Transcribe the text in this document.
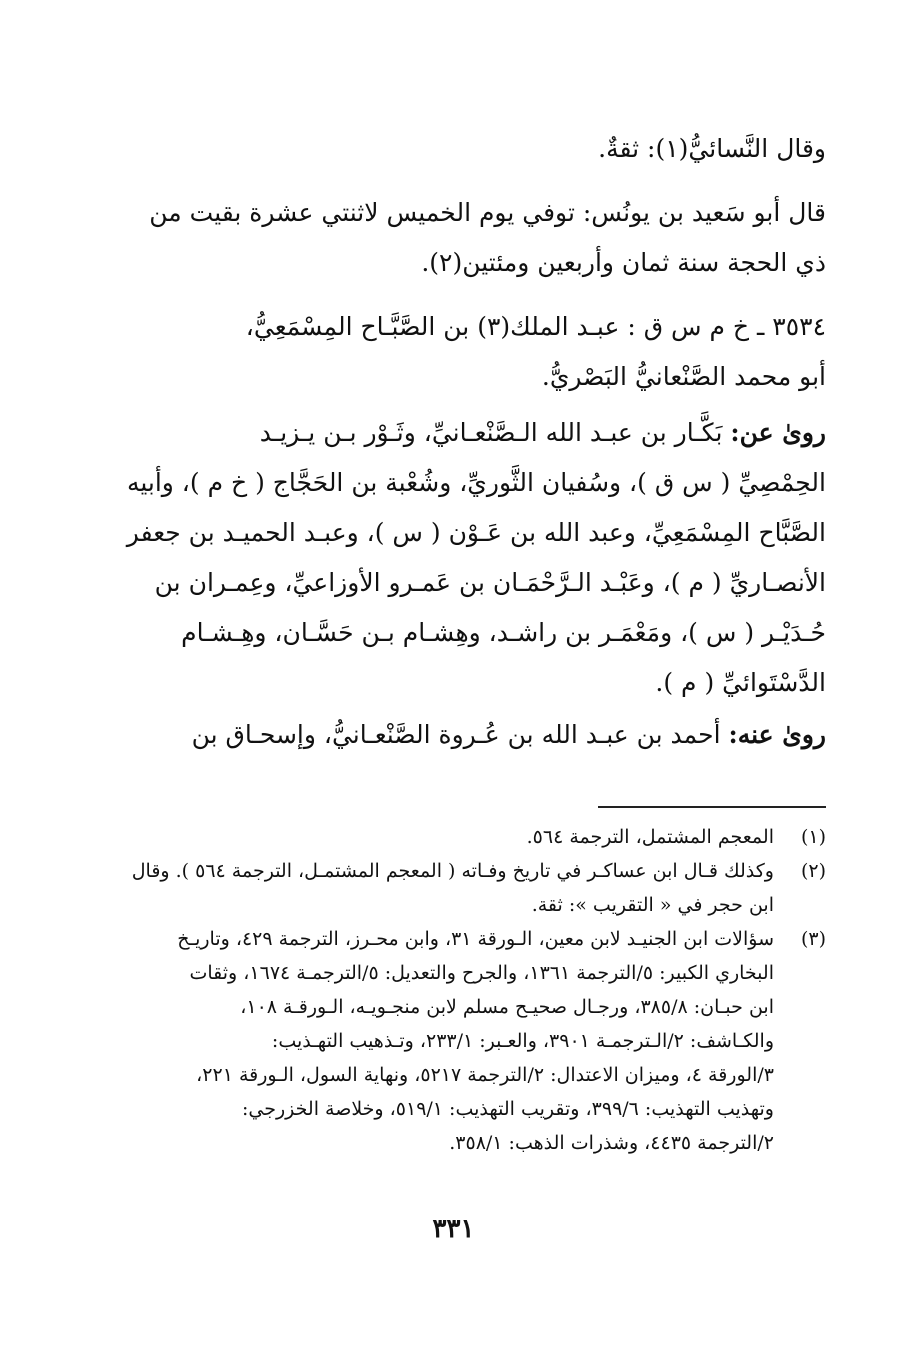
وقال النَّسائيُّ(١): ثقةٌ.
قال أبو سَعيد بن يونُس: توفي يوم الخميس لاثنتي عشرة بقيت من
ذي الحجة سنة ثمان وأربعين ومئتين(٢).
٣٥٣٤ ـ خ م س ق : عبـد الملك(٣) بن الصَّبَّـاح المِسْمَعِيُّ،
أبو محمد الصَّنْعانيُّ البَصْريُّ.
روىٰ عن: بَكَّـار بن عبـد الله الـصَّنْعـانيِّ، وثَـوْر بـن يـزيـد
الحِمْصِيِّ ( س ق )، وسُفيان الثَّوريِّ، وشُعْبة بن الحَجَّاج ( خ م )، وأبيه
الصَّبَّاح المِسْمَعِيِّ، وعبد الله بن عَـوْن ( س )، وعبـد الحميـد بن جعفر
الأنصـاريِّ ( م )، وعَبْـد الـرَّحْمَـان بن عَمـرو الأوزاعيِّ، وعِمـران بن
حُـدَيْـر ( س )، ومَعْمَـر بن راشـد، وهِشـام بـن حَسَّـان، وهِـشـام
الدَّسْتَوائيِّ ( م ).
روىٰ عنه: أحمد بن عبـد الله بن عُـروة الصَّنْعـانيُّ، وإسحـاق بن
(١)
المعجم المشتمل، الترجمة ٥٦٤.
(٢)
وكذلك قـال ابن عساكـر في تاريخ وفـاته ( المعجم المشتمـل، الترجمة ٥٦٤ ). وقال
ابن حجر في « التقريب »: ثقة.
(٣)
سؤالات ابن الجنيـد لابن معين، الـورقة ٣١، وابن محـرز، الترجمة ٤٢٩، وتاريـخ
البخاري الكبير: ٥/الترجمة ١٣٦١، والجرح والتعديل: ٥/الترجمـة ١٦٧٤، وثقات
ابن حبـان: ٣٨٥/٨، ورجـال صحيـح مسلم لابن منجـويـه، الـورقـة ١٠٨،
والكـاشف: ٢/الـترجمـة ٣٩٠١، والعـبر: ٢٣٣/١، وتـذهيب التهـذيب:
٣/الورقة ٤، وميزان الاعتدال: ٢/الترجمة ٥٢١٧، ونهاية السول، الـورقة ٢٢١،
وتهذيب التهذيب: ٣٩٩/٦، وتقريب التهذيب: ٥١٩/١، وخلاصة الخزرجي:
٢/الترجمة ٤٤٣٥، وشذرات الذهب: ٣٥٨/١.
٣٣١
